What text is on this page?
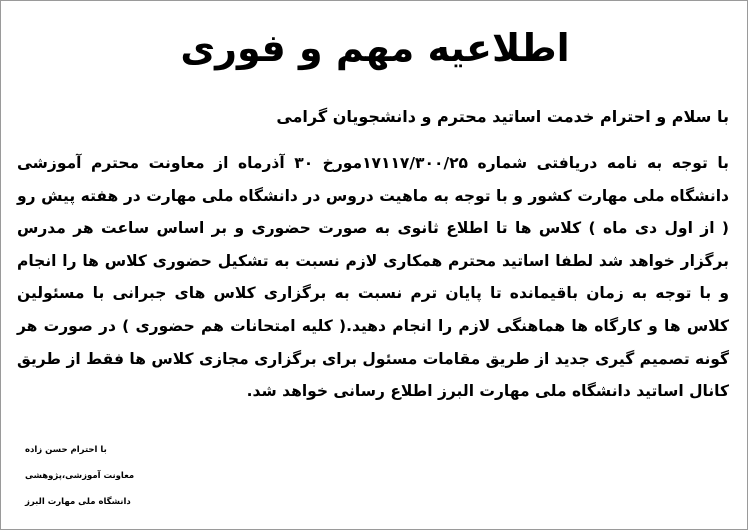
اطلاعیه مهم و فوری

با سلام و احترام خدمت اساتید محترم و دانشجویان گرامی

با توجه به نامه دریافتی شماره ۱۷۱۱۷/۳۰۰/۲۵مورخ ۳۰ آذرماه از معاونت محترم آموزشی دانشگاه ملی مهارت کشور و با توجه به ماهیت دروس در دانشگاه ملی مهارت در هفته پیش رو ( از اول دی ماه ) کلاس ها تا اطلاع ثانوی به صورت حضوری و بر اساس ساعت هر مدرس برگزار خواهد شد لطفا اساتید محترم همکاری لازم نسبت به تشکیل حضوری کلاس ها را انجام و با توجه به زمان باقیمانده تا پایان ترم نسبت به برگزاری کلاس های جبرانی با مسئولین کلاس ها و کارگاه ها هماهنگی لازم را انجام دهید.( کلیه امتحانات هم حضوری ) در صورت هر گونه تصمیم گیری جدید از طریق مقامات مسئول برای برگزاری مجازی کلاس ها فقط از طریق کانال اساتید دانشگاه ملی مهارت البرز اطلاع رسانی خواهد شد.

با احترام حسن زاده

معاونت آموزشی،پژوهشی

دانشگاه ملی مهارت البرز
